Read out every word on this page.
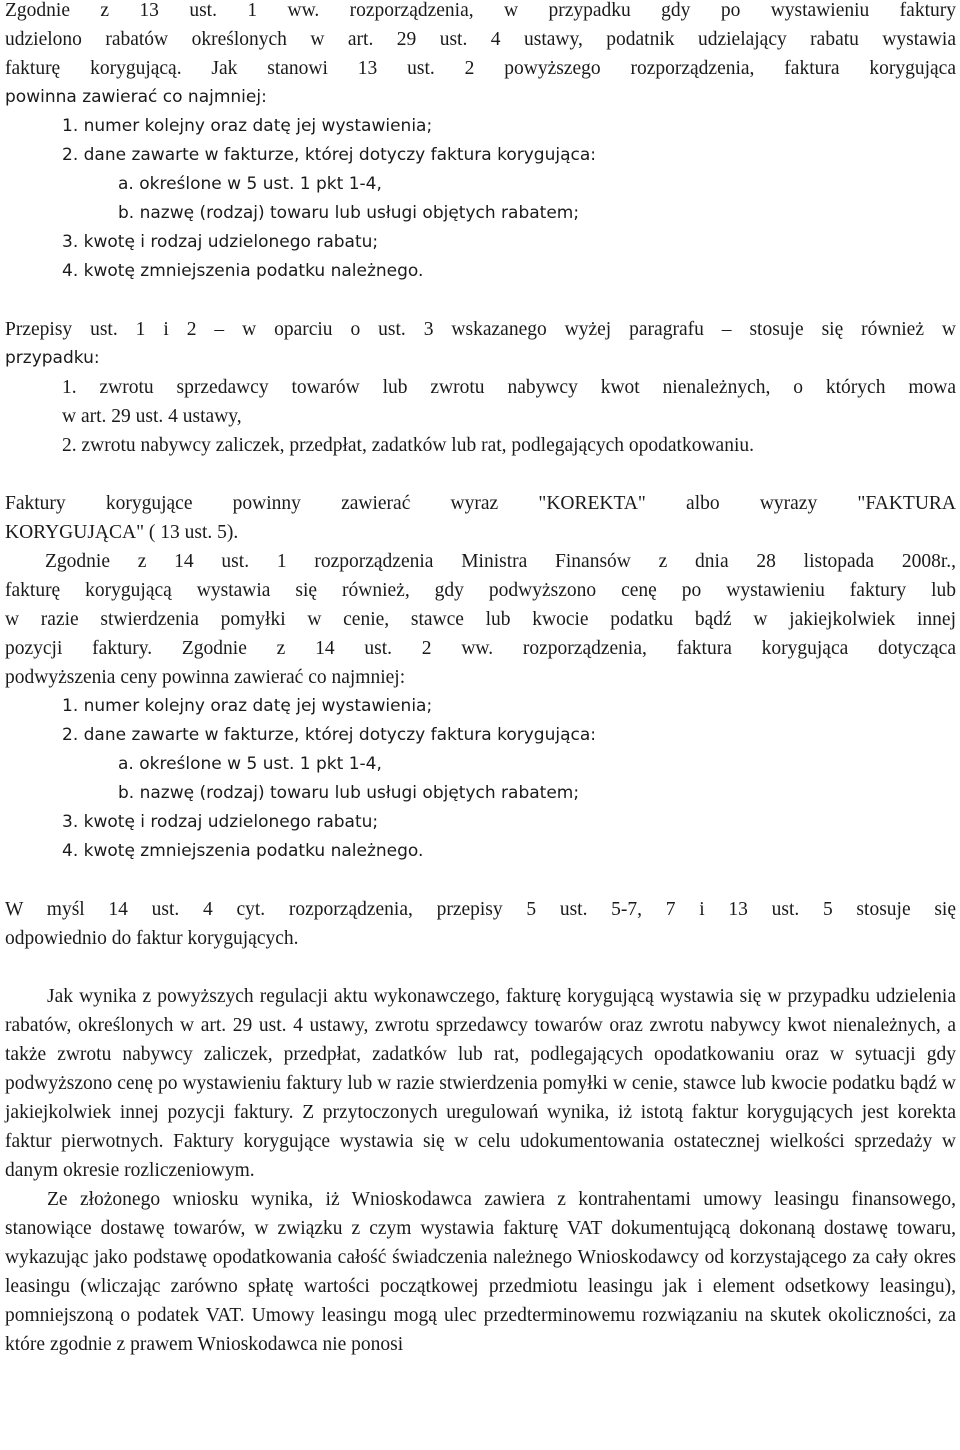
Zgodnie z 13 ust. 1 ww. rozporządzenia, w przypadku gdy po wystawieniu faktury

udzielono rabatów określonych w art. 29 ust. 4 ustawy, podatnik udzielający rabatu wystawia

fakturę korygującą. Jak stanowi 13 ust. 2 powyższego rozporządzenia, faktura korygująca

powinna zawierać co najmniej:

1. numer kolejny oraz datę jej wystawienia;
2. dane zawarte w fakturze, której dotyczy faktura korygująca:
a. określone w 5 ust. 1 pkt 1-4,
b. nazwę (rodzaj) towaru lub usługi objętych rabatem;
3. kwotę i rodzaj udzielonego rabatu;
4. kwotę zmniejszenia podatku należnego.

Przepisy ust. 1 i 2 – w oparciu o ust. 3 wskazanego wyżej paragrafu – stosuje się również w

przypadku:

1. zwrotu sprzedawcy towarów lub zwrotu nabywcy kwot nienależnych, o których mowa

w art. 29 ust. 4 ustawy,

2. zwrotu nabywcy zaliczek, przedpłat, zadatków lub rat, podlegających opodatkowaniu.

Faktury korygujące powinny zawierać wyraz "KOREKTA" albo wyrazy "FAKTURA

KORYGUJĄCA" ( 13 ust. 5).

Zgodnie z 14 ust. 1 rozporządzenia Ministra Finansów z dnia 28 listopada 2008r.,

fakturę korygującą wystawia się również, gdy podwyższono cenę po wystawieniu faktury lub

w razie stwierdzenia pomyłki w cenie, stawce lub kwocie podatku bądź w jakiejkolwiek innej

pozycji faktury. Zgodnie z 14 ust. 2 ww. rozporządzenia, faktura korygująca dotycząca

podwyższenia ceny powinna zawierać co najmniej:

1. numer kolejny oraz datę jej wystawienia;
2. dane zawarte w fakturze, której dotyczy faktura korygująca:
a. określone w 5 ust. 1 pkt 1-4,
b. nazwę (rodzaj) towaru lub usługi objętych rabatem;
3. kwotę i rodzaj udzielonego rabatu;
4. kwotę zmniejszenia podatku należnego.

W myśl 14 ust. 4 cyt. rozporządzenia, przepisy 5 ust. 5-7, 7 i 13 ust. 5 stosuje się

odpowiednio do faktur korygujących.

Jak wynika z powyższych regulacji aktu wykonawczego, fakturę korygującą wystawia się w przypadku udzielenia rabatów, określonych w art. 29 ust. 4 ustawy, zwrotu sprzedawcy towarów oraz zwrotu nabywcy kwot nienależnych, a także zwrotu nabywcy zaliczek, przedpłat, zadatków lub rat, podlegających opodatkowaniu oraz w sytuacji gdy podwyższono cenę po wystawieniu faktury lub w razie stwierdzenia pomyłki w cenie, stawce lub kwocie podatku bądź w jakiejkolwiek innej pozycji faktury. Z przytoczonych uregulowań wynika, iż istotą faktur korygujących jest korekta faktur pierwotnych. Faktury korygujące wystawia się w celu udokumentowania ostatecznej wielkości sprzedaży w danym okresie rozliczeniowym.

Ze złożonego wniosku wynika, iż Wnioskodawca zawiera z kontrahentami umowy leasingu finansowego, stanowiące dostawę towarów, w związku z czym wystawia fakturę VAT dokumentującą dokonaną dostawę towaru, wykazując jako podstawę opodatkowania całość świadczenia należnego Wnioskodawcy od korzystającego za cały okres leasingu (wliczając zarówno spłatę wartości początkowej przedmiotu leasingu jak i element odsetkowy leasingu), pomniejszoną o podatek VAT. Umowy leasingu mogą ulec przedterminowemu rozwiązaniu na skutek okoliczności, za które zgodnie z prawem Wnioskodawca nie ponosi
